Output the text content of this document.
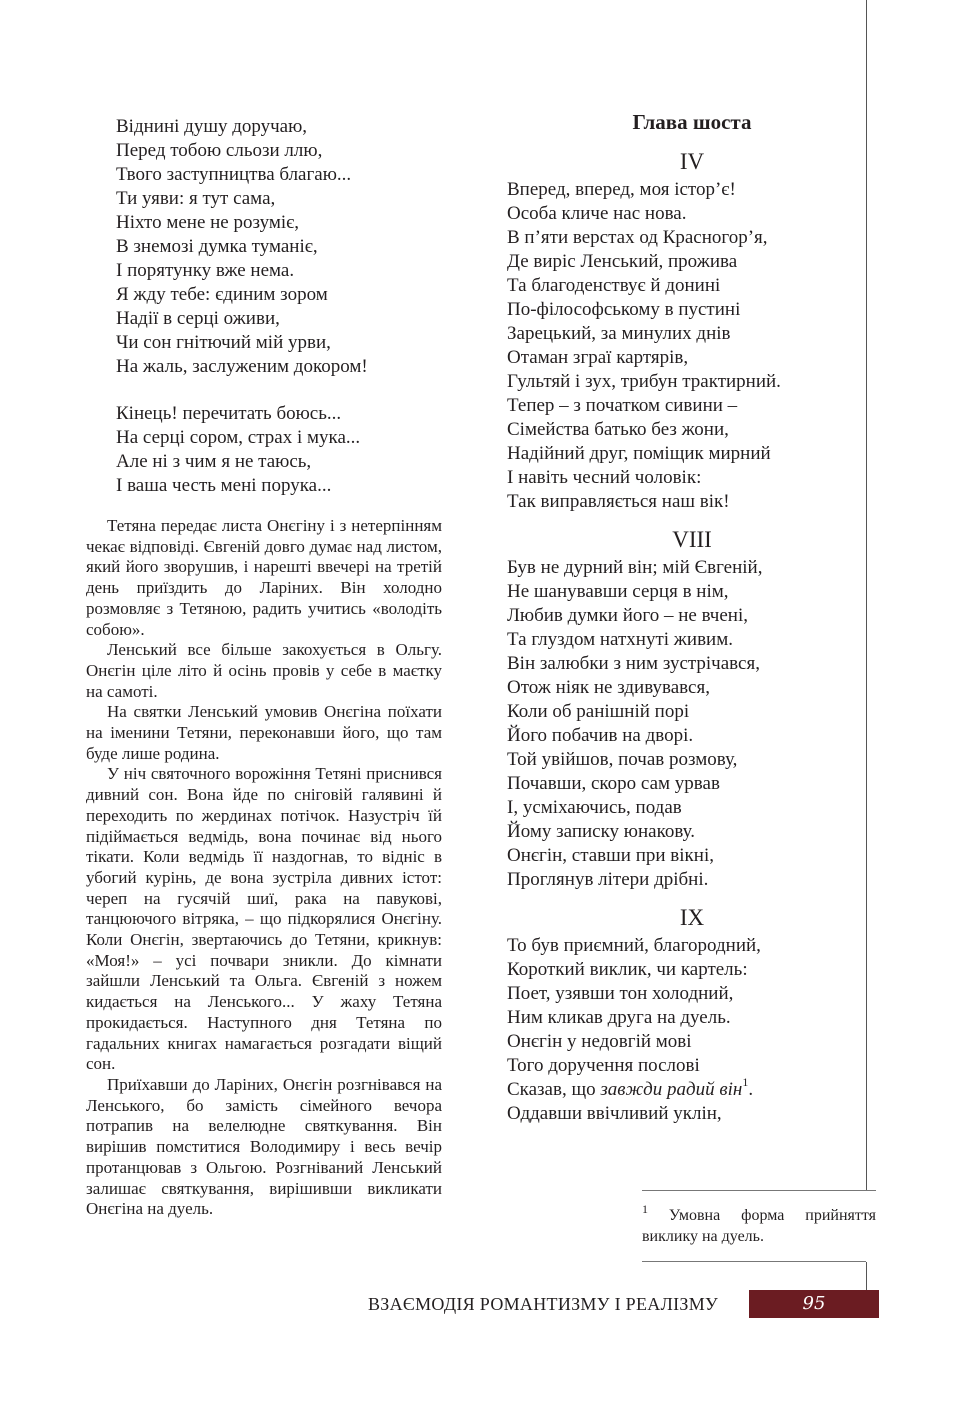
Віднині душу доручаю,
Перед тобою сльози ллю,
Твого заступництва благаю...
Ти уяви: я тут сама,
Ніхто мене не розуміє,
В знемозі думка туманіє,
І порятунку вже нема.
Я жду тебе: єдиним зором
Надії в серці оживи,
Чи сон гнітючий мій урви,
На жаль, заслуженим докором!
Кінець! перечитать боюсь...
На серці сором, страх і мука...
Але ні з чим я не таюсь,
І ваша честь мені порука...

Тетяна передає листа Онєгіну і з нетерпінням чекає відповіді. Євгеній довго думає над листом, який його зворушив, і нарешті ввечері на третій день приїздить до Ларіних. Він холодно розмовляє з Тетяною, радить учитись «володіть собою».

Ленський все більше закохується в Ольгу. Онєгін ціле літо й осінь провів у себе в маєтку на самоті.

На святки Ленський умовив Онєгіна поїхати на іменини Тетяни, переконавши його, що там буде лише родина.

У ніч святочного ворожіння Тетяні приснився дивний сон. Вона йде по сніговій галявині й переходить по жердинах потічок. Назустріч їй підіймається ведмідь, вона починає від нього тікати. Коли ведмідь її наздогнав, то відніс в убогий курінь, де вона зустріла дивних істот: череп на гусячій шиї, рака на павукові, танцюючого вітряка, – що підкорялися Онєгіну. Коли Онєгін, звертаючись до Тетяни, крикнув: «Моя!» – усі почвари зникли. До кімнати зайшли Ленський та Ольга. Євгеній з ножем кидається на Ленського... У жаху Тетяна прокидається. Наступного дня Тетяна по гадальних книгах намагається розгадати віщий сон.

Приїхавши до Ларіних, Онєгін розгнівався на Ленського, бо замість сімейного вечора потрапив на велелюдне святкування. Він вирішив помститися Володимиру і весь вечір протанцював з Ольгою. Розгніваний Ленський залишає святкування, вирішивши викликати Онєгіна на дуель.

Глава шоста
IV
Вперед, вперед, моя істор’є!
Особа кличе нас нова.
В п’яти верстах од Красногор’я,
Де виріс Ленський, прожива
Та благоденствує й донині
По-філософському в пустині
Зарецький, за минулих днів
Отаман зграї картярів,
Гультяй і зух, трибун трактирний.
Тепер – з початком сивини –
Сімейства батько без жони,
Надійний друг, поміщик мирний
І навіть чесний чоловік:
Так виправляється наш вік!
VIII
Був не дурний він; мій Євгеній,
Не шанувавши серця в нім,
Любив думки його – не вчені,
Та глуздом натхнуті живим.
Він залюбки з ним зустрічався,
Отож ніяк не здивувався,
Коли об ранішній порі
Його побачив на дворі.
Той увійшов, почав розмову,
Почавши, скоро сам урвав
І, усміхаючись, подав
Йому записку юнакову.
Онєгін, ставши при вікні,
Проглянув літери дрібні.
IX
То був приємний, благородний,
Короткий виклик, чи картель:
Поет, узявши тон холодний,
Ним кликав друга на дуель.
Онєгін у недовгій мові
Того доручення послові
Сказав, що завжди радий він$^1$.
Оддавши ввічливий уклін,
$^1$ Умовна форма прийняття виклику на дуель.
ВЗАЄМОДІЯ РОМАНТИЗМУ І РЕАЛІЗМУ	95
